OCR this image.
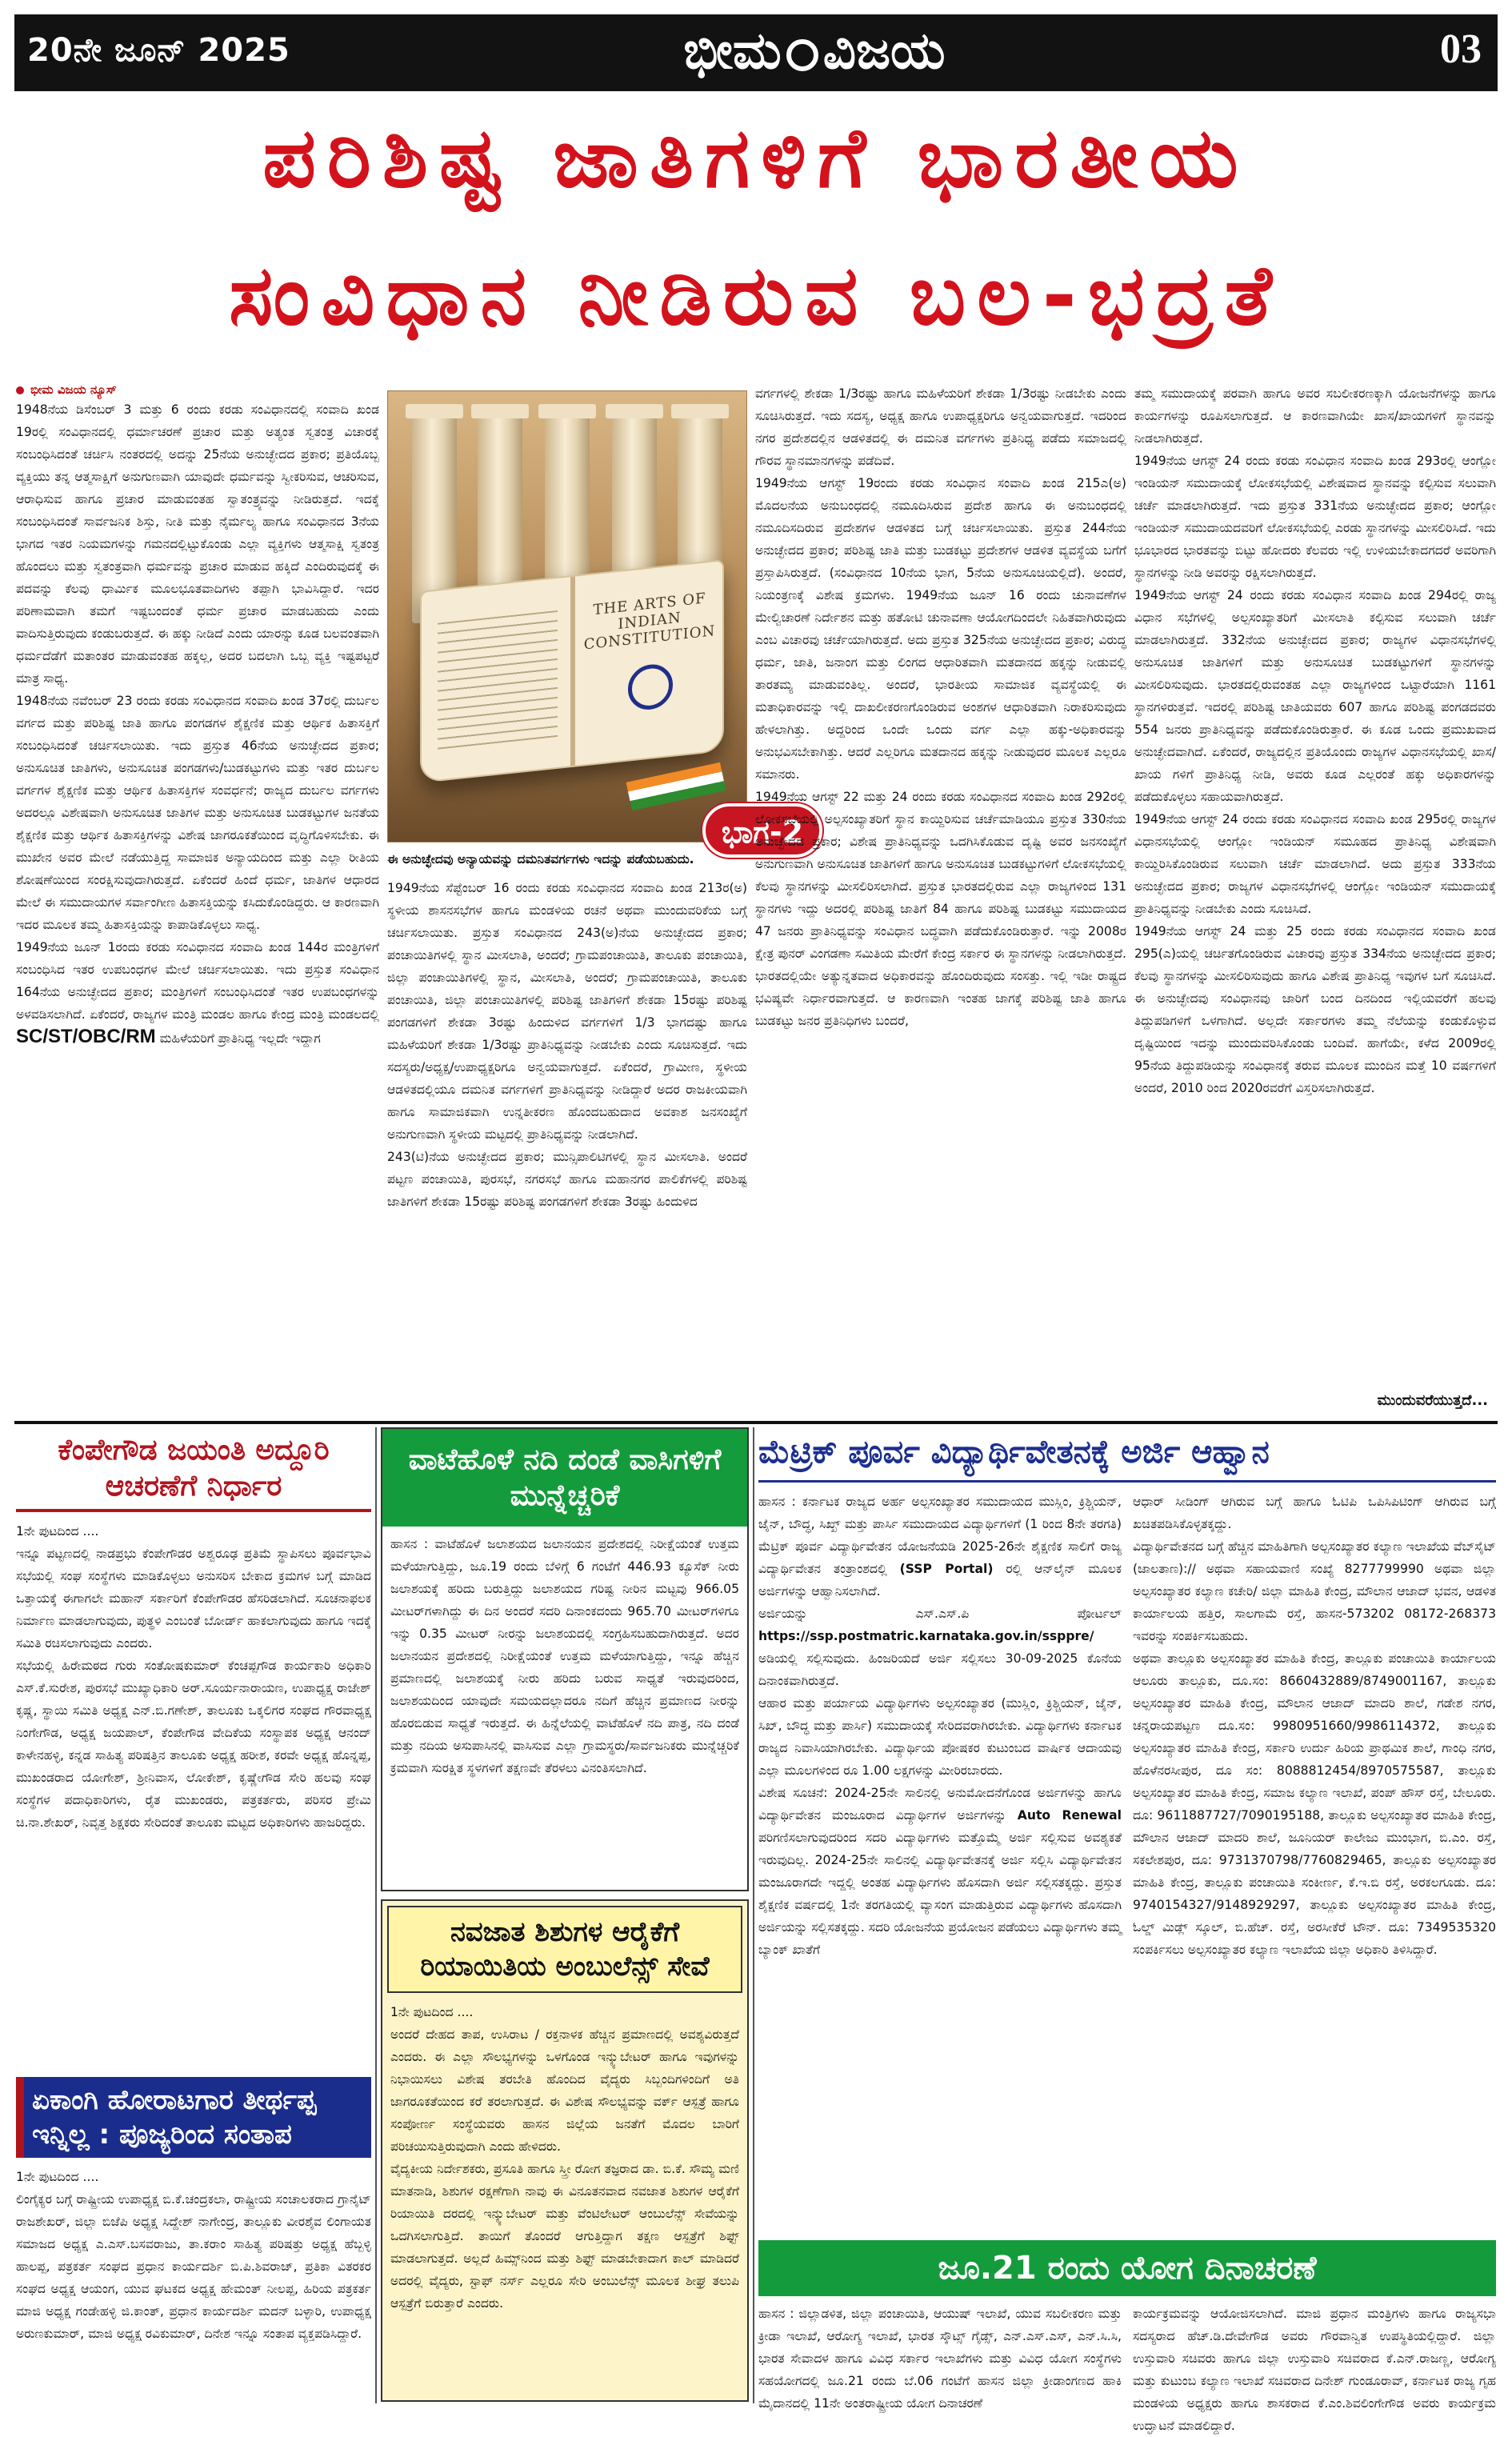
20ನೇ ಜೂನ್ 2025	ಭೀಮ ವಿಜಯ	03
ಪರಿಶಿಷ್ಟ ಜಾತಿಗಳಿಗೆ ಭಾರತೀಯ
ಸಂವಿಧಾನ ನೀಡಿರುವ ಬಲ-ಭದ್ರತೆ
ಭೀಮ ವಿಜಯ ನ್ಯೂಸ್
1948ನೆಯ ಡಿಸೆಂಬರ್ 3 ಮತ್ತು 6 ರಂದು ಕರಡು ಸಂವಿಧಾನದಲ್ಲಿ ಸಂವಾದಿ ಖಂಡ 19ರಲ್ಲಿ ಸಂವಿಧಾನದಲ್ಲಿ ಧರ್ಮಾಚರಣೆ ಪ್ರಚಾರ ಮತ್ತು ಅತ್ಯಂತ ಸ್ವತಂತ್ರ ವಿಚಾರಕ್ಕೆ ಸಂಬಂಧಿಸಿದಂತೆ ಚರ್ಚಿಸಿ ನಂತರದಲ್ಲಿ ಅದನ್ನು 25ನೆಯ ಅನುಚ್ಛೇದದ ಪ್ರಕಾರ; ಪ್ರತಿಯೊಬ್ಬ ವ್ಯಕ್ತಿಯು ತನ್ನ ಆತ್ಮಸಾಕ್ಷಿಗೆ ಅನುಗುಣವಾಗಿ ಯಾವುದೇ ಧರ್ಮವನ್ನು ಸ್ವೀಕರಿಸುವ, ಆಚರಿಸುವ, ಆರಾಧಿಸುವ ಹಾಗೂ ಪ್ರಚಾರ ಮಾಡುವಂತಹ ಸ್ವಾತಂತ್ರ್ಯವನ್ನು ನೀಡಿರುತ್ತದೆ. ಇದಕ್ಕೆ ಸಂಬಂಧಿಸಿದಂತೆ ಸಾರ್ವಜನಿಕ ಶಿಸ್ತು, ನೀತಿ ಮತ್ತು ನೈರ್ಮಲ್ಯ ಹಾಗೂ ಸಂವಿಧಾನದ 3ನೆಯ ಭಾಗದ ಇತರ ನಿಯಮಗಳನ್ನು ಗಮನದಲ್ಲಿಟ್ಟುಕೊಂಡು ಎಲ್ಲಾ ವ್ಯಕ್ತಿಗಳು ಆತ್ಮಸಾಕ್ಷಿ ಸ್ವತಂತ್ರ ಹೊಂದಲು ಮತ್ತು ಸ್ವತಂತ್ರವಾಗಿ ಧರ್ಮವನ್ನು ಪ್ರಚಾರ ಮಾಡುವ ಹಕ್ಕಿದೆ ಎಂದಿರುವುದಕ್ಕೆ ಈ ಪದವನ್ನು ಕೆಲವು ಧಾರ್ಮಿಕ ಮೂಲಭೂತವಾದಿಗಳು ತಪ್ಪಾಗಿ ಭಾವಿಸಿದ್ದಾರೆ. ಇದರ ಪರಿಣಾಮವಾಗಿ ತಮಗೆ ಇಷ್ಟಬಂದಂತೆ ಧರ್ಮ ಪ್ರಚಾರ ಮಾಡಬಹುದು ಎಂದು ವಾದಿಸುತ್ತಿರುವುದು ಕಂಡುಬರುತ್ತದೆ. ಈ ಹಕ್ಕು ನೀಡಿದೆ ಎಂದು ಯಾರನ್ನು ಕೂಡ ಬಲವಂತವಾಗಿ ಧರ್ಮದೆಡೆಗೆ ಮತಾಂತರ ಮಾಡುವಂತಹ ಹಕ್ಕಲ್ಲ, ಅದರ ಬದಲಾಗಿ ಒಬ್ಬ ವ್ಯಕ್ತಿ ಇಷ್ಟಪಟ್ಟರೆ ಮಾತ್ರ ಸಾಧ್ಯ.
1948ನೆಯ ನವೆಂಬರ್ 23 ರಂದು ಕರಡು ಸಂವಿಧಾನದ ಸಂವಾದಿ ಖಂಡ 37ರಲ್ಲಿ ದುರ್ಬಲ ವರ್ಗದ ಮತ್ತು ಪರಿಶಿಷ್ಟ ಜಾತಿ ಹಾಗೂ ಪಂಗಡಗಳ ಶೈಕ್ಷಣಿಕ ಮತ್ತು ಆರ್ಥಿಕ ಹಿತಾಸಕ್ತಿಗೆ ಸಂಬಂಧಿಸಿದಂತೆ ಚರ್ಚಿಸಲಾಯಿತು. ಇದು ಪ್ರಸ್ತುತ 46ನೆಯ ಅನುಚ್ಛೇದದ ಪ್ರಕಾರ; ಅನುಸೂಚಿತ ಜಾತಿಗಳು, ಅನುಸೂಚಿತ ಪಂಗಡಗಳು/ಬುಡಕಟ್ಟುಗಳು ಮತ್ತು ಇತರ ದುರ್ಬಲ ವರ್ಗಗಳ ಶೈಕ್ಷಣಿಕ ಮತ್ತು ಆರ್ಥಿಕ ಹಿತಾಸಕ್ತಿಗಳ ಸಂವರ್ಧನೆ; ರಾಜ್ಯದ ದುರ್ಬಲ ವರ್ಗಗಳು ಅದರಲ್ಲೂ ವಿಶೇಷವಾಗಿ ಅನುಸೂಚಿತ ಜಾತಿಗಳ ಮತ್ತು ಅನುಸೂಚಿತ ಬುಡಕಟ್ಟುಗಳ ಜನತೆಯ ಶೈಕ್ಷಣಿಕ ಮತ್ತು ಆರ್ಥಿಕ ಹಿತಾಸಕ್ತಿಗಳನ್ನು ವಿಶೇಷ ಜಾಗರೂಕತೆಯಿಂದ ವೃದ್ಧಿಗೊಳಿಸಬೇಕು. ಈ ಮುಖೇನ ಅವರ ಮೇಲೆ ನಡೆಯುತ್ತಿದ್ದ ಸಾಮಾಜಿಕ ಅನ್ಯಾಯದಿಂದ ಮತ್ತು ಎಲ್ಲಾ ರೀತಿಯ ಶೋಷಣೆಯಿಂದ ಸಂರಕ್ಷಿಸುವುದಾಗಿರುತ್ತದೆ. ಏಕೆಂದರೆ ಹಿಂದೆ ಧರ್ಮ, ಜಾತಿಗಳ ಆಧಾರದ ಮೇಲೆ ಈ ಸಮುದಾಯಗಳ ಸರ್ವಾಂಗೀಣ ಹಿತಾಸಕ್ತಿಯನ್ನು ಕಸಿದುಕೊಂಡಿದ್ದರು. ಆ ಕಾರಣವಾಗಿ ಇದರ ಮೂಲಕ ತಮ್ಮ ಹಿತಾಸಕ್ತಿಯನ್ನು ಕಾಪಾಡಿಕೊಳ್ಳಲು ಸಾಧ್ಯ.
1949ನೆಯ ಜೂನ್ 1ರಂದು ಕರಡು ಸಂವಿಧಾನದ ಸಂವಾದಿ ಖಂಡ 144ರ ಮಂತ್ರಿಗಳಿಗೆ ಸಂಬಂಧಿಸಿದ ಇತರ ಉಪಬಂಧಗಳ ಮೇಲೆ ಚರ್ಚಿಸಲಾಯಿತು. ಇದು ಪ್ರಸ್ತುತ ಸಂವಿಧಾನ 164ನೆಯ ಅನುಚ್ಛೇದದ ಪ್ರಕಾರ; ಮಂತ್ರಿಗಳಿಗೆ ಸಂಬಂಧಿಸಿದಂತೆ ಇತರ ಉಪಬಂಧಗಳನ್ನು ಅಳವಡಿಸಲಾಗಿದೆ. ಏಕೆಂದರೆ, ರಾಜ್ಯಗಳ ಮಂತ್ರಿ ಮಂಡಲ ಹಾಗೂ ಕೇಂದ್ರ ಮಂತ್ರಿ ಮಂಡಲದಲ್ಲಿ SC/ST/OBC/RM ಮಹಿಳೆಯರಿಗೆ ಪ್ರಾತಿನಿಧ್ಯ ಇಲ್ಲದೇ ಇದ್ದಾಗ
THE ARTS OF INDIAN CONSTITUTION
ಭಾಗ-2
ಈ ಅನುಚ್ಛೇದವು ಅನ್ಯಾಯವನ್ನು ದಮನಿತವರ್ಗಗಳು ಇದನ್ನು ಪಡೆಯಬಹುದು.
1949ನೆಯ ಸೆಪ್ಟೆಂಬರ್ 16 ರಂದು ಕರಡು ಸಂವಿಧಾನದ ಸಂವಾದಿ ಖಂಡ 213ರ(ಅ) ಸ್ಥಳೀಯ ಶಾಸನಸಭೆಗಳ ಹಾಗೂ ಮಂಡಳಿಯ ರಚನೆ ಅಥವಾ ಮುಂದುವರಿಕೆಯ ಬಗ್ಗೆ ಚರ್ಚಿಸಲಾಯಿತು. ಪ್ರಸ್ತುತ ಸಂವಿಧಾನದ 243(ಅ)ನೆಯ ಅನುಚ್ಛೇದದ ಪ್ರಕಾರ; ಪಂಚಾಯಿತಿಗಳಲ್ಲಿ ಸ್ಥಾನ ಮೀಸಲಾತಿ, ಅಂದರೆ; ಗ್ರಾಮಪಂಚಾಯಿತಿ, ತಾಲೂಕು ಪಂಚಾಯಿತಿ, ಜಿಲ್ಲಾ ಪಂಚಾಯಿತಿಗಳಲ್ಲಿ ಸ್ಥಾನ, ಮೀಸಲಾತಿ, ಅಂದರೆ; ಗ್ರಾಮಪಂಚಾಯಿತಿ, ತಾಲೂಕು ಪಂಚಾಯಿತಿ, ಜಿಲ್ಲಾ ಪಂಚಾಯಿತಿಗಳಲ್ಲಿ ಪರಿಶಿಷ್ಟ ಜಾತಿಗಳಿಗೆ ಶೇಕಡಾ 15ರಷ್ಟು ಪರಿಶಿಷ್ಟ ಪಂಗಡಗಳಿಗೆ ಶೇಕಡಾ 3ರಷ್ಟು ಹಿಂದುಳಿದ ವರ್ಗಗಳಿಗೆ 1/3 ಭಾಗದಷ್ಟು ಹಾಗೂ ಮಹಿಳೆಯರಿಗೆ ಶೇಕಡಾ 1/3ರಷ್ಟು ಪ್ರಾತಿನಿಧ್ಯವನ್ನು ನೀಡಬೇಕು ಎಂದು ಸೂಚಿಸುತ್ತದೆ. ಇದು ಸದಸ್ಯರು/ಅಧ್ಯಕ್ಷ/ಉಪಾಧ್ಯಕ್ಷರಿಗೂ ಅನ್ವಯವಾಗುತ್ತದೆ. ಏಕೆಂದರೆ, ಗ್ರಾಮೀಣ, ಸ್ಥಳೀಯ ಆಡಳಿತದಲ್ಲಿಯೂ ದಮನಿತ ವರ್ಗಗಳಿಗೆ ಪ್ರಾತಿನಿಧ್ಯವನ್ನು ನೀಡಿದ್ದಾರೆ ಅದರ ರಾಜಕೀಯವಾಗಿ ಹಾಗೂ ಸಾಮಾಜಿಕವಾಗಿ ಉನ್ನತೀಕರಣ ಹೊಂದಬಹುದಾದ ಅವಕಾಶ ಜನಸಂಖ್ಯೆಗೆ ಅನುಗುಣವಾಗಿ ಸ್ಥಳೀಯ ಮಟ್ಟದಲ್ಲಿ ಪ್ರಾತಿನಿಧ್ಯವನ್ನು ನೀಡಲಾಗಿದೆ.
243(ಟಿ)ನೆಯ ಅನುಚ್ಛೇದದ ಪ್ರಕಾರ; ಮುನ್ಸಿಪಾಲಿಟಿಗಳಲ್ಲಿ ಸ್ಥಾನ ಮೀಸಲಾತಿ. ಅಂದರೆ ಪಟ್ಟಣ ಪಂಚಾಯಿತಿ, ಪುರಸಭೆ, ನಗರಸಭೆ ಹಾಗೂ ಮಹಾನಗರ ಪಾಲಿಕೆಗಳಲ್ಲಿ ಪರಿಶಿಷ್ಟ ಜಾತಿಗಳಿಗೆ ಶೇಕಡಾ 15ರಷ್ಟು ಪರಿಶಿಷ್ಟ ಪಂಗಡಗಳಿಗೆ ಶೇಕಡಾ 3ರಷ್ಟು ಹಿಂದುಳಿದ
ವರ್ಗಗಳಲ್ಲಿ ಶೇಕಡಾ 1/3ರಷ್ಟು ಹಾಗೂ ಮಹಿಳೆಯರಿಗೆ ಶೇಕಡಾ 1/3ರಷ್ಟು ನೀಡಬೇಕು ಎಂದು ಸೂಚಿಸಿರುತ್ತದೆ. ಇದು ಸದಸ್ಯ, ಅಧ್ಯಕ್ಷ ಹಾಗೂ ಉಪಾಧ್ಯಕ್ಷರಿಗೂ ಅನ್ವಯವಾಗುತ್ತದೆ. ಇದರಿಂದ ನಗರ ಪ್ರದೇಶದಲ್ಲಿನ ಆಡಳಿತದಲ್ಲಿ ಈ ದಮನಿತ ವರ್ಗಗಳು ಪ್ರತಿನಿಧ್ಯ ಪಡೆದು ಸಮಾಜದಲ್ಲಿ ಗೌರವ ಸ್ಥಾನಮಾನಗಳನ್ನು ಪಡೆದಿವೆ.
1949ನೆಯ ಆಗಸ್ಟ್ 19ರಂದು ಕರಡು ಸಂವಿಧಾನ ಸಂವಾದಿ ಖಂಡ 215ಎ(ಅ) ಮೊದಲನೆಯ ಅನುಬಂಧದಲ್ಲಿ ನಮೂದಿಸಿರುವ ಪ್ರದೇಶ ಹಾಗೂ ಈ ಅನುಬಂಧದಲ್ಲಿ ನಮೂದಿಸದಿರುವ ಪ್ರದೇಶಗಳ ಆಡಳಿತದ ಬಗ್ಗೆ ಚರ್ಚಿಸಲಾಯಿತು. ಪ್ರಸ್ತುತ 244ನೆಯ ಅನುಚ್ಛೇದದ ಪ್ರಕಾರ; ಪರಿಶಿಷ್ಟ ಜಾತಿ ಮತ್ತು ಬುಡಕಟ್ಟು ಪ್ರದೇಶಗಳ ಆಡಳಿತ ವ್ಯವಸ್ಥೆಯ ಬಗೆಗೆ ಪ್ರಸ್ತಾಪಿಸಿರುತ್ತದೆ. (ಸಂವಿಧಾನದ 10ನೆಯ ಭಾಗ, 5ನೆಯ ಅನುಸೂಚಿಯಲ್ಲಿದೆ). ಅಂದರೆ, ನಿಯಂತ್ರಣಕ್ಕೆ ವಿಶೇಷ ಕ್ರಮಗಳು. 1949ನೆಯ ಜೂನ್ 16 ರಂದು ಚುನಾವಣೆಗಳ ಮೇಲ್ವಿಚಾರಣೆ ನಿರ್ದೇಶನ ಮತ್ತು ಹತೋಟಿ ಚುನಾವಣಾ ಆಯೋಗದಿಂದಲೇ ನಿಹಿತವಾಗಿರುವುದು ಎಂಬ ವಿಚಾರವು ಚರ್ಚೆಯಾಗಿರುತ್ತದೆ. ಅದು ಪ್ರಸ್ತುತ 325ನೆಯ ಅನುಚ್ಛೇದದ ಪ್ರಕಾರ; ವಿರುದ್ಧ ಧರ್ಮ, ಜಾತಿ, ಜನಾಂಗ ಮತ್ತು ಲಿಂಗದ ಆಧಾರಿತವಾಗಿ ಮತದಾನದ ಹಕ್ಕನ್ನು ನೀಡುವಲ್ಲಿ ತಾರತಮ್ಯ ಮಾಡುವಂತಿಲ್ಲ. ಅಂದರೆ, ಭಾರತೀಯ ಸಾಮಾಜಿಕ ವ್ಯವಸ್ಥೆಯಲ್ಲಿ ಈ ಮತಾಧಿಕಾರವನ್ನು ಇಲ್ಲಿ ದಾಖಲೀಕರಣಗೊಂಡಿರುವ ಅಂಶಗಳ ಆಧಾರಿತವಾಗಿ ನಿರಾಕರಿಸುವುದು ಹೇಳಲಾಗಿತ್ತು. ಅದ್ದರಿಂದ ಒಂದೇ ಒಂದು ವರ್ಗ ಎಲ್ಲಾ ಹಕ್ಕು-ಅಧಿಕಾರವನ್ನು ಅನುಭವಿಸಬೇಕಾಗಿತ್ತು. ಆದರೆ ಎಲ್ಲರಿಗೂ ಮತದಾನದ ಹಕ್ಕನ್ನು ನೀಡುವುದರ ಮೂಲಕ ಎಲ್ಲರೂ ಸಮಾನರು.
1949ನೆಯ ಆಗಸ್ಟ್ 22 ಮತ್ತು 24 ರಂದು ಕರಡು ಸಂವಿಧಾನದ ಸಂವಾದಿ ಖಂಡ 292ರಲ್ಲಿ ಲೋಕಸಭೆಯಲ್ಲಿ ಅಲ್ಪಸಂಖ್ಯಾತರಿಗೆ ಸ್ಥಾನ ಕಾಯ್ದಿರಿಸುವ ಚರ್ಚೆಮಾಡಿಯೂ ಪ್ರಸ್ತುತ 330ನೆಯ ಅನುಚ್ಛೇದದ ಪ್ರಕಾರ; ವಿಶೇಷ ಪ್ರಾತಿನಿಧ್ಯವನ್ನು ಒದಗಿಸಿಕೊಡುವ ದೃಷ್ಟಿ ಅವರ ಜನಸಂಖ್ಯೆಗೆ ಅನುಗುಣವಾಗಿ ಅನುಸೂಚಿತ ಜಾತಿಗಳಿಗೆ ಹಾಗೂ ಅನುಸೂಚಿತ ಬುಡಕಟ್ಟುಗಳಿಗೆ ಲೋಕಸಭೆಯಲ್ಲಿ ಕೆಲವು ಸ್ಥಾನಗಳನ್ನು ಮೀಸಲಿರಿಸಲಾಗಿದೆ. ಪ್ರಸ್ತುತ ಭಾರತದಲ್ಲಿರುವ ಎಲ್ಲಾ ರಾಜ್ಯಗಳಿಂದ 131 ಸ್ಥಾನಗಳು ಇದ್ದು ಅದರಲ್ಲಿ ಪರಿಶಿಷ್ಟ ಜಾತಿಗೆ 84 ಹಾಗೂ ಪರಿಶಿಷ್ಟ ಬುಡಕಟ್ಟು ಸಮುದಾಯದ 47 ಜನರು ಪ್ರಾತಿನಿಧ್ಯವನ್ನು ಸಂವಿಧಾನ ಬದ್ಧವಾಗಿ ಪಡೆದುಕೊಂಡಿರುತ್ತಾರೆ. ಇನ್ನು 2008ರ ಕ್ಷೇತ್ರ ಪುನರ್ ವಿಂಗಡಣಾ ಸಮಿತಿಯ ಮೇರೆಗೆ ಕೇಂದ್ರ ಸರ್ಕಾರ ಈ ಸ್ಥಾನಗಳನ್ನು ನೀಡಲಾಗಿರುತ್ತದೆ. ಭಾರತದಲ್ಲಿಯೇ ಅತ್ಯುನ್ನತವಾದ ಅಧಿಕಾರವನ್ನು ಹೊಂದಿರುವುದು ಸಂಸತ್ತು. ಇಲ್ಲಿ ಇಡೀ ರಾಷ್ಟ್ರದ ಭವಿಷ್ಯವೇ ನಿರ್ಧಾರವಾಗುತ್ತದೆ. ಆ ಕಾರಣವಾಗಿ ಇಂತಹ ಜಾಗಕ್ಕೆ ಪರಿಶಿಷ್ಟ ಜಾತಿ ಹಾಗೂ ಬುಡಕಟ್ಟು ಜನರ ಪ್ರತಿನಿಧಿಗಳು ಬಂದರೆ,
ತಮ್ಮ ಸಮುದಾಯಕ್ಕೆ ಪರವಾಗಿ ಹಾಗೂ ಅವರ ಸಬಲೀಕರಣಕ್ಕಾಗಿ ಯೋಜನೆಗಳನ್ನು ಹಾಗೂ ಕಾರ್ಯಗಳನ್ನು ರೂಪಿಸಲಾಗುತ್ತದೆ. ಆ ಕಾರಣವಾಗಿಯೇ ಖಾಸ/ಖಾಯಗಳಿಗೆ ಸ್ಥಾನವನ್ನು ನೀಡಲಾಗಿರುತ್ತದೆ.
1949ನೆಯ ಆಗಸ್ಟ್ 24 ರಂದು ಕರಡು ಸಂವಿಧಾನ ಸಂವಾದಿ ಖಂಡ 293ರಲ್ಲಿ ಆಂಗ್ಲೋ ಇಂಡಿಯನ್ ಸಮುದಾಯಕ್ಕೆ ಲೋಕಸಭೆಯಲ್ಲಿ ವಿಶೇಷವಾದ ಸ್ಥಾನವನ್ನು ಕಲ್ಪಿಸುವ ಸಲುವಾಗಿ ಚರ್ಚೆ ಮಾಡಲಾಗಿರುತ್ತದೆ. ಇದು ಪ್ರಸ್ತುತ 331ನೆಯ ಅನುಚ್ಛೇದದ ಪ್ರಕಾರ; ಆಂಗ್ಲೋ ಇಂಡಿಯನ್ ಸಮುದಾಯದವರಿಗೆ ಲೋಕಸಭೆಯಲ್ಲಿ ಎರಡು ಸ್ಥಾನಗಳನ್ನು ಮೀಸಲಿರಿಸಿದೆ. ಇದು ಭೂಭಾರದ ಭಾರತವನ್ನು ಬಿಟ್ಟು ಹೋದರು ಕೆಲವರು ಇಲ್ಲಿ ಉಳಿಯಬೇಕಾದಗದರೆ ಅವರಿಗಾಗಿ ಸ್ಥಾನಗಳನ್ನು ನೀಡಿ ಅವರನ್ನು ರಕ್ಷಿಸಲಾಗಿರುತ್ತದೆ.
1949ನೆಯ ಆಗಸ್ಟ್ 24 ರಂದು ಕರಡು ಸಂವಿಧಾನ ಸಂವಾದಿ ಖಂಡ 294ರಲ್ಲಿ ರಾಜ್ಯ ವಿಧಾನ ಸಭೆಗಳಲ್ಲಿ ಅಲ್ಪಸಂಖ್ಯಾತರಿಗೆ ಮೀಸಲಾತಿ ಕಲ್ಪಿಸುವ ಸಲುವಾಗಿ ಚರ್ಚೆ ಮಾಡಲಾಗಿರುತ್ತದೆ. 332ನೆಯ ಅನುಚ್ಛೇದದ ಪ್ರಕಾರ; ರಾಜ್ಯಗಳ ವಿಧಾನಸಭೆಗಳಲ್ಲಿ ಅನುಸೂಚಿತ ಜಾತಿಗಳಿಗೆ ಮತ್ತು ಅನುಸೂಚಿತ ಬುಡಕಟ್ಟುಗಳಿಗೆ ಸ್ಥಾನಗಳನ್ನು ಮೀಸಲಿರಿಸುವುದು. ಭಾರತದಲ್ಲಿರುವಂತಹ ಎಲ್ಲಾ ರಾಜ್ಯಗಳಿಂದ ಒಟ್ಟಾರೆಯಾಗಿ 1161 ಸ್ಥಾನಗಳಿರುತ್ತವೆ. ಇದರಲ್ಲಿ ಪರಿಶಿಷ್ಟ ಜಾತಿಯವರು 607 ಹಾಗೂ ಪರಿಶಿಷ್ಟ ಪಂಗಡದವರು 554 ಜನರು ಪ್ರಾತಿನಿಧ್ಯವನ್ನು ಪಡೆದುಕೊಂಡಿರುತ್ತಾರೆ. ಈ ಕೂಡ ಒಂದು ಪ್ರಮುಖವಾದ ಅನುಚ್ಛೇದವಾಗಿದೆ. ಏಕೆಂದರೆ, ರಾಜ್ಯದಲ್ಲಿನ ಪ್ರತಿಯೊಂದು ರಾಜ್ಯಗಳ ವಿಧಾನಸಭೆಯಲ್ಲಿ ಖಾಸ/ಖಾಯ ಗಳಿಗೆ ಪ್ರಾತಿನಿಧ್ಯ ನೀಡಿ, ಅವರು ಕೂಡ ಎಲ್ಲರಂತೆ ಹಕ್ಕು ಅಧಿಕಾರಗಳನ್ನು ಪಡೆದುಕೊಳ್ಳಲು ಸಹಾಯವಾಗಿರುತ್ತದೆ.
1949ನೆಯ ಆಗಸ್ಟ್ 24 ರಂದು ಕರಡು ಸಂವಿಧಾನದ ಸಂವಾದಿ ಖಂಡ 295ರಲ್ಲಿ ರಾಜ್ಯಗಳ ವಿಧಾನಸಭೆಯಲ್ಲಿ ಆಂಗ್ಲೋ ಇಂಡಿಯನ್ ಸಮೂಹದ ಪ್ರಾತಿನಿಧ್ಯ ವಿಶೇಷವಾಗಿ ಕಾಯ್ದಿರಿಸಿಕೊಂಡಿರುವ ಸಲುವಾಗಿ ಚರ್ಚೆ ಮಾಡಲಾಗಿದೆ. ಅದು ಪ್ರಸ್ತುತ 333ನೆಯ ಅನುಚ್ಛೇದದ ಪ್ರಕಾರ; ರಾಜ್ಯಗಳ ವಿಧಾನಸಭೆಗಳಲ್ಲಿ ಆಂಗ್ಲೋ ಇಂಡಿಯನ್ ಸಮುದಾಯಕ್ಕೆ ಪ್ರಾತಿನಿಧ್ಯವನ್ನು ನೀಡಬೇಕು ಎಂದು ಸೂಚಿಸಿದೆ.
1949ನೆಯ ಆಗಸ್ಟ್ 24 ಮತ್ತು 25 ರಂದು ಕರಡು ಸಂವಿಧಾನದ ಸಂವಾದಿ ಖಂಡ 295(ಎ)ಯಲ್ಲಿ ಚರ್ಚಿತಗೊಂಡಿರುವ ವಿಚಾರವು ಪ್ರಸ್ತುತ 334ನೆಯ ಅನುಚ್ಛೇದದ ಪ್ರಕಾರ; ಕೆಲವು ಸ್ಥಾನಗಳನ್ನು ಮೀಸಲಿರಿಸುವುದು ಹಾಗೂ ವಿಶೇಷ ಪ್ರಾತಿನಿಧ್ಯ ಇವುಗಳ ಬಗೆ ಸೂಚಿಸಿದೆ. ಈ ಅನುಚ್ಛೇದವು ಸಂವಿಧಾನವು ಜಾರಿಗೆ ಬಂದ ದಿನದಿಂದ ಇಲ್ಲಿಯವರೆಗೆ ಹಲವು ತಿದ್ದುಪಡಿಗಳಿಗೆ ಒಳಗಾಗಿದೆ. ಅಲ್ಲದೇ ಸರ್ಕಾರಗಳು ತಮ್ಮ ನೆಲೆಯನ್ನು ಕಂಡುಕೊಳ್ಳುವ ದೃಷ್ಟಿಯಿಂದ ಇದನ್ನು ಮುಂದುವರಿಸಿಕೊಂಡು ಬಂದಿವೆ. ಹಾಗೆಯೇ, ಕಳೆದ 2009ರಲ್ಲಿ 95ನೆಯ ತಿದ್ದುಪಡಿಯನ್ನು ಸಂವಿಧಾನಕ್ಕೆ ತರುವ ಮೂಲಕ ಮುಂದಿನ ಮತ್ತೆ 10 ವರ್ಷಗಳಿಗೆ ಅಂದರೆ, 2010 ರಿಂದ 2020ರವರೆಗೆ ವಿಸ್ತರಿಸಲಾಗಿರುತ್ತದೆ.
ಮುಂದುವರೆಯುತ್ತದೆ...
ಕೆಂಪೇಗೌಡ ಜಯಂತಿ ಅದ್ದೂರಿ ಆಚರಣೆಗೆ ನಿರ್ಧಾರ
1ನೇ ಪುಟದಿಂದ ....
ಇನ್ನೂ ಪಟ್ಟಣದಲ್ಲಿ ನಾಡಪ್ರಭು ಕೆಂಪೇಗೌಡರ ಅಶ್ವರೂಢ ಪ್ರತಿಮೆ ಸ್ಥಾಪಿಸಲು ಪೂರ್ವಭಾವಿ ಸಭೆಯಲ್ಲಿ ಸಂಘ ಸಂಸ್ಥೆಗಳು ಮಾಡಿಕೊಳ್ಳಲು ಅನುಸರಿಸ ಬೇಕಾದ ಕ್ರಮಗಳ ಬಗ್ಗೆ ಮಾಡಿದ ಒತ್ತಾಯಕ್ಕೆ ಈಗಾಗಲೇ ಮಹಾನ್ ಸರ್ಕಾರಿಗೆ ಕೆಂಪೇಗೌಡರ ಹೆಸರಿಡಲಾಗಿದೆ. ಸೂಚನಾಫಲಕ ನಿರ್ಮಾಣ ಮಾಡಲಾಗುವುದು, ಪುತ್ಥಳಿ ಎಂಬಂತೆ ಬೋರ್ಡ್ ಹಾಕಲಾಗುವುದು ಹಾಗೂ ಇದಕ್ಕೆ ಸಮಿತಿ ರಚಿಸಲಾಗುವುದು ಎಂದರು.
ಸಭೆಯಲ್ಲಿ ಹಿರೇಮಠದ ಗುರು ಸಂತೋಷಕುಮಾರ್ ಕೆಂಚಪ್ಪಗೌಡ ಕಾರ್ಯಕಾರಿ ಅಧಿಕಾರಿ ಎಸ್.ಕೆ.ಸುರೇಶ, ಪುರಸಭೆ ಮುಖ್ಯಾಧಿಕಾರಿ ಅರ್.ಸೂರ್ಯನಾರಾಯಣ, ಉಪಾಧ್ಯಕ್ಷ ರಾಜೇಶ್ ಕೃಷ್ಣ, ಸ್ಥಾಯಿ ಸಮಿತಿ ಅಧ್ಯಕ್ಷ ಎನ್.ಬಿ.ಗಣೇಶ್, ತಾಲೂಕು ಒಕ್ಕಲಿಗರ ಸಂಘದ ಗೌರವಾಧ್ಯಕ್ಷ ನಿಂಗೇಗೌಡ, ಅಧ್ಯಕ್ಷ ಜಯಪಾಲ್, ಕೆಂಪೇಗೌಡ ವೇದಿಕೆಯ ಸಂಸ್ಥಾಪಕ ಅಧ್ಯಕ್ಷ ಆನಂದ್ ಕಾಳೇನಹಳ್ಳಿ, ಕನ್ನಡ ಸಾಹಿತ್ಯ ಪರಿಷತ್ತಿನ ತಾಲೂಕು ಅಧ್ಯಕ್ಷ ಹರೀಶ, ಕರವೇ ಅಧ್ಯಕ್ಷ ಹೊನ್ನಪ್ಪ, ಮುಖಂಡರಾದ ಯೋಗೇಶ್, ಶ್ರೀನಿವಾಸ, ಲೋಕೇಶ್, ಕೃಷ್ಣೇಗೌಡ ಸೇರಿ ಹಲವು ಸಂಘ ಸಂಸ್ಥೆಗಳ ಪದಾಧಿಕಾರಿಗಳು, ರೈತ ಮುಖಂಡರು, ಪತ್ರಕರ್ತರು, ಪರಿಸರ ಪ್ರೇಮಿ ಚಿ.ನಾ.ಶೇಖರ್, ನಿವೃತ್ತ ಶಿಕ್ಷಕರು ಸೇರಿದಂತೆ ತಾಲೂಕು ಮಟ್ಟದ ಅಧಿಕಾರಿಗಳು ಹಾಜರಿದ್ದರು.
ವಾಟೆಹೊಳೆ ನದಿ ದಂಡೆ ವಾಸಿಗಳಿಗೆ ಮುನ್ನೆಚ್ಚರಿಕೆ
ಹಾಸನ : ವಾಟೆಹೊಳೆ ಜಲಾಶಯದ ಜಲಾನಯನ ಪ್ರದೇಶದಲ್ಲಿ ನಿರೀಕ್ಷೆಯಂತೆ ಉತ್ತಮ ಮಳೆಯಾಗುತ್ತಿದ್ದು, ಜೂ.19 ರಂದು ಬೆಳಿಗ್ಗೆ 6 ಗಂಟೆಗೆ 446.93 ಕ್ಯೂಸೆಕ್ ನೀರು ಜಲಾಶಯಕ್ಕೆ ಹರಿದು ಬರುತ್ತಿದ್ದು ಜಲಾಶಯದ ಗರಿಷ್ಟ ನೀರಿನ ಮಟ್ಟವು 966.05 ಮೀಟರ್‌ಗಳಾಗಿದ್ದು ಈ ದಿನ ಅಂದರೆ ಸದರಿ ದಿನಾಂಕದಂದು 965.70 ಮೀಟರ್‌ಗಳಿಗೂ ಇನ್ನು 0.35 ಮೀಟರ್ ನೀರನ್ನು ಜಲಾಶಯದಲ್ಲಿ ಸಂಗ್ರಹಿಸಬಹುದಾಗಿರುತ್ತದೆ. ಅದರ ಜಲಾನಯನ ಪ್ರದೇಶದಲ್ಲಿ ನಿರೀಕ್ಷೆಯಂತೆ ಉತ್ತಮ ಮಳೆಯಾಗುತ್ತಿದ್ದು, ಇನ್ನೂ ಹೆಚ್ಚಿನ ಪ್ರಮಾಣದಲ್ಲಿ ಜಲಾಶಯಕ್ಕೆ ನೀರು ಹರಿದು ಬರುವ ಸಾಧ್ಯತೆ ಇರುವುದರಿಂದ, ಜಲಾಶಯದಿಂದ ಯಾವುದೇ ಸಮಯದಲ್ಲಾದರೂ ನದಿಗೆ ಹೆಚ್ಚಿನ ಪ್ರಮಾಣದ ನೀರನ್ನು ಹೊರಬಿಡುವ ಸಾಧ್ಯತೆ ಇರುತ್ತದೆ. ಈ ಹಿನ್ನೆಲೆಯಲ್ಲಿ ವಾಟೆಹೊಳೆ ನದಿ ಪಾತ್ರ, ನದಿ ದಂಡೆ ಮತ್ತು ನದಿಯ ಅಸುಪಾಸಿನಲ್ಲಿ ವಾಸಿಸುವ ಎಲ್ಲಾ ಗ್ರಾಮಸ್ಥರು/ಸಾರ್ವಜನಿಕರು ಮುನ್ನೆಚ್ಚರಿಕೆ ಕ್ರಮವಾಗಿ ಸುರಕ್ಷಿತ ಸ್ಥಳಗಳಿಗೆ ತಕ್ಷಣವೇ ತೆರಳಲು ವಿನಂತಿಸಲಾಗಿದೆ.
ನವಜಾತ ಶಿಶುಗಳ ಆರೈಕೆಗೆ ರಿಯಾಯಿತಿಯ ಅಂಬುಲೆನ್ಸ್ ಸೇವೆ
1ನೇ ಪುಟದಿಂದ ....
ಅಂದರೆ ದೇಹದ ತಾಪ, ಉಸಿರಾಟ / ರಕ್ತನಾಳಕ ಹೆಚ್ಚಿನ ಪ್ರಮಾಣದಲ್ಲಿ ಅವಶ್ಯವಿರುತ್ತದೆ ಎಂದರು. ಈ ಎಲ್ಲಾ ಸೌಲಭ್ಯಗಳನ್ನು ಒಳಗೊಂಡ ಇನ್ಕ್ಯುಬೇಟರ್ ಹಾಗೂ ಇವುಗಳನ್ನು ನಿಭಾಯಿಸಲು ವಿಶೇಷ ತರಬೇತಿ ಹೊಂದಿದ ವೈದ್ಯರು ಸಿಬ್ಬಂದಿಗಳಿಂದಿಗೆ ಅತಿ ಜಾಗರೂಕತೆಯಿಂದ ಕರೆ ತರಲಾಗುತ್ತದೆ. ಈ ವಿಶೇಷ ಸೌಲಭ್ಯವನ್ನು ವರ್ಕ್ ಆಸ್ಪತ್ರೆ ಹಾಗೂ ಸಂಪೋರ್ಣ ಸಂಸ್ಥೆಯವರು ಹಾಸನ ಜಿಲ್ಲೆಯ ಜನತೆಗೆ ಮೊದಲ ಬಾರಿಗೆ ಪರಿಚಯಿಸುತ್ತಿರುವುದಾಗಿ ಎಂದು ಹೇಳಿದರು.
ವೈದ್ಯಕೀಯ ನಿರ್ದೇಶಕರು, ಪ್ರಸೂತಿ ಹಾಗೂ ಸ್ತ್ರೀ ರೋಗ ತಜ್ಞರಾದ ಡಾ. ಬಿ.ಕೆ. ಸೌಮ್ಯ ಮಣಿ ಮಾತನಾಡಿ, ಶಿಶುಗಳ ರಕ್ಷಣೆಗಾಗಿ ನಾವು ಈ ವಿನೂತನವಾದ ನವಜಾತ ಶಿಶುಗಳ ಆರೈಕೆಗೆ ರಿಯಾಯಿತಿ ದರದಲ್ಲಿ ಇನ್ಕ್ಯುಬೇಟರ್ ಮತ್ತು ವೆಂಟಿಲೇಟರ್ ಆಂಬುಲೆನ್ಸ್ ಸೇವೆಯನ್ನು ಒದಗಿಸಲಾಗುತ್ತಿದೆ. ತಾಯಿಗೆ ತೊಂದರೆ ಆಗುತ್ತಿದ್ದಾಗ ತಕ್ಷಣ ಆಸ್ಪತ್ರೆಗೆ ಶಿಫ್ಟ್ ಮಾಡಲಾಗುತ್ತದೆ. ಅಲ್ಲದೆ ಹಿಮ್ಸ್‌ನಿಂದ ಮತ್ತು ಶಿಫ್ಟ್ ಮಾಡಬೇಕಾದಾಗ ಕಾಲ್ ಮಾಡಿದರೆ ಅದರಲ್ಲಿ ವೈದ್ಯರು, ಸ್ಟಾಫ್ ನರ್ಸ್ ಎಲ್ಲರೂ ಸೇರಿ ಅಂಬುಲೆನ್ಸ್ ಮೂಲಕ ಶೀಘ್ರ ತಲುಪಿ ಆಸ್ಪತ್ರೆಗೆ ಬಿರುತ್ತಾರೆ ಎಂದರು.
ಏಕಾಂಗಿ ಹೋರಾಟಗಾರ ತೀರ್ಥಪ್ಪ ಇನ್ನಿಲ್ಲ : ಪೂಜ್ಯರಿಂದ ಸಂತಾಪ
1ನೇ ಪುಟದಿಂದ ....
ಲಿಂಗೈಕ್ಯರ ಬಗ್ಗೆ ರಾಷ್ಟ್ರೀಯ ಉಪಾಧ್ಯಕ್ಷ ಬಿ.ಕೆ.ಚಂದ್ರಕಲಾ, ರಾಷ್ಟ್ರೀಯ ಸಂಚಾಲಕರಾದ ಗ್ರಾನೈಟ್ ರಾಜಶೇಖರ್, ಜಿಲ್ಲಾ ಬಿಜೆಪಿ ಅಧ್ಯಕ್ಷ ಸಿದ್ದೇಶ್ ನಾಗೇಂದ್ರ, ತಾಲ್ಲೂಕು ವೀರಶೈವ ಲಿಂಗಾಯತ ಸಮಾಜದ ಅಧ್ಯಕ್ಷ ಎ.ಎಸ್.ಬಸವರಾಜು, ತಾ.ಕರಾಂ ಸಾಹಿತ್ಯ ಪರಿಷತ್ತು ಅಧ್ಯಕ್ಷ ಹೆಬ್ಬಳ್ಳಿ ಹಾಲಪ್ಪ, ಪತ್ರಕರ್ತ ಸಂಘದ ಪ್ರಧಾನ ಕಾರ್ಯದರ್ಶಿ ಬಿ.ಪಿ.ಶಿವರಾಜ್, ಪ್ರತಿಕಾ ವಿತರಕರ ಸಂಘದ ಅಧ್ಯಕ್ಷ ಆಯಂಗ, ಯುವ ಘಟಕದ ಅಧ್ಯಕ್ಷ ಹೇಮಂತ್ ನೀಲಪ್ಪ, ಹಿರಿಯ ಪತ್ರಕರ್ತ ಮಾಜಿ ಅಧ್ಯಕ್ಷ ಗಂಡೇಹಳ್ಳಿ ಜಿ.ಕಾಂತ್, ಪ್ರಧಾನ ಕಾರ್ಯದರ್ಶಿ ಮದನ್ ಬಳ್ಳಾರಿ, ಉಪಾಧ್ಯಕ್ಷ ಅರುಣಕುಮಾರ್, ಮಾಜಿ ಅಧ್ಯಕ್ಷ ರವಿಕುಮಾರ್, ದಿನೇಶ ಇನ್ನೂ ಸಂತಾಪ ವ್ಯಕ್ತಪಡಿಸಿದ್ದಾರೆ.
ಮೆಟ್ರಿಕ್ ಪೂರ್ವ ವಿದ್ಯಾರ್ಥಿವೇತನಕ್ಕೆ ಅರ್ಜಿ ಆಹ್ವಾನ
ಹಾಸನ : ಕರ್ನಾಟಕ ರಾಜ್ಯದ ಅರ್ಹ ಅಲ್ಪಸಂಖ್ಯಾತರ ಸಮುದಾಯದ ಮುಸ್ಲಿಂ, ಕ್ರಿಶ್ಚಿಯನ್, ಜೈನ್, ಬೌದ್ಧ, ಸಿಖ್ಖ್ ಮತ್ತು ಪಾರ್ಸಿ ಸಮುದಾಯದ ವಿದ್ಯಾರ್ಥಿಗಳಿಗೆ (1 ರಿಂದ 8ನೇ ತರಗತಿ) ಮೆಟ್ರಿಕ್ ಪೂರ್ವ ವಿದ್ಯಾರ್ಥಿವೇತನ ಯೋಜನೆಯಡಿ 2025-26ನೇ ಶೈಕ್ಷಣಿಕ ಸಾಲಿಗೆ ರಾಜ್ಯ ವಿದ್ಯಾರ್ಥಿವೇತನ ತಂತ್ರಾಂಶದಲ್ಲಿ (SSP Portal) ರಲ್ಲಿ ಆನ್‌ಲೈನ್ ಮೂಲಕ ಅರ್ಜಿಗಳನ್ನು ಆಹ್ವಾನಿಸಲಾಗಿದೆ.
ಅರ್ಜಿಯನ್ನು ಎಸ್.ಎಸ್.ಪಿ ಪೋರ್ಟಲ್ https://ssp.postmatric.karnataka.gov.in/ssppre/ ಅಡಿಯಲ್ಲಿ ಸಲ್ಲಿಸುವುದು. ಹಿಂಜರಿಯದೆ ಅರ್ಜಿ ಸಲ್ಲಿಸಲು 30-09-2025 ಕೊನೆಯ ದಿನಾಂಕವಾಗಿರುತ್ತದೆ.
ಆಹಾರ ಮತ್ತು ಪರ್ಯಾಯ ವಿದ್ಯಾರ್ಥಿಗಳು ಅಲ್ಪಸಂಖ್ಯಾತರ (ಮುಸ್ಲಿಂ, ಕ್ರಿಶ್ಚಿಯನ್, ಜೈನ್, ಸಿಖ್, ಬೌದ್ಧ ಮತ್ತು ಪಾರ್ಸಿ) ಸಮುದಾಯಕ್ಕೆ ಸೇರಿದವರಾಗಿರಬೇಕು. ವಿದ್ಯಾರ್ಥಿಗಳು ಕರ್ನಾಟಕ ರಾಜ್ಯದ ನಿವಾಸಿಯಾಗಿರಬೇಕು. ವಿದ್ಯಾರ್ಥಿಯ ಪೋಷಕರ ಕುಟುಂಬದ ವಾರ್ಷಿಕ ಆದಾಯವು ಎಲ್ಲಾ ಮೂಲಗಳಿಂದ ರೂ 1.00 ಲಕ್ಷಗಳನ್ನು ಮೀರಿರಬಾರದು.
ವಿಶೇಷ ಸೂಚನೆ: 2024-25ನೇ ಸಾಲಿನಲ್ಲಿ ಅನುಮೋದನೆಗೊಂಡ ಅರ್ಜಿಗಳನ್ನು ಹಾಗೂ ವಿದ್ಯಾರ್ಥಿವೇತನ ಮಂಜೂರಾದ ವಿದ್ಯಾರ್ಥಿಗಳ ಅರ್ಜಿಗಳನ್ನು Auto Renewal ಪರಿಗಣಿಸಲಾಗುವುದರಿಂದ ಸದರಿ ವಿದ್ಯಾರ್ಥಿಗಳು ಮತ್ತೊಮ್ಮೆ ಅರ್ಜಿ ಸಲ್ಲಿಸುವ ಅವಶ್ಯಕತೆ ಇರುವುದಿಲ್ಲ. 2024-25ನೇ ಸಾಲಿನಲ್ಲಿ ವಿದ್ಯಾರ್ಥಿವೇತನಕ್ಕೆ ಅರ್ಜಿ ಸಲ್ಲಿಸಿ ವಿದ್ಯಾರ್ಥಿವೇತನ ಮಂಜೂರಾಗದೇ ಇದ್ದಲ್ಲಿ ಅಂತಹ ವಿದ್ಯಾರ್ಥಿಗಳು ಹೊಸದಾಗಿ ಅರ್ಜಿ ಸಲ್ಲಿಸತಕ್ಕದ್ದು. ಪ್ರಸ್ತುತ ಶೈಕ್ಷಣಿಕ ವರ್ಷದಲ್ಲಿ 1ನೇ ತರಗತಿಯಲ್ಲಿ ವ್ಯಾಸಂಗ ಮಾಡುತ್ತಿರುವ ವಿದ್ಯಾರ್ಥಿಗಳು ಹೊಸದಾಗಿ ಅರ್ಜಿಯನ್ನು ಸಲ್ಲಿಸತಕ್ಕದ್ದು. ಸದರಿ ಯೋಜನೆಯ ಪ್ರಯೋಜನ ಪಡೆಯಲು ವಿದ್ಯಾರ್ಥಿಗಳು ತಮ್ಮ ಬ್ಯಾಂಕ್ ಖಾತೆಗೆ
ಆಧಾರ್ ಸೀಡಿಂಗ್ ಆಗಿರುವ ಬಗ್ಗೆ ಹಾಗೂ ಓಟಿಪಿ ಒಪಿಸಿಪಿಟಿಂಗ್ ಆಗಿರುವ ಬಗ್ಗೆ ಖಚಿತಪಡಿಸಿಕೊಳ್ಳತಕ್ಕದ್ದು.
ವಿದ್ಯಾರ್ಥಿವೇತನದ ಬಗ್ಗೆ ಹೆಚ್ಚಿನ ಮಾಹಿತಿಗಾಗಿ ಅಲ್ಪಸಂಖ್ಯಾತರ ಕಲ್ಯಾಣ ಇಲಾಖೆಯ ವೆಬ್‌ಸೈಟ್ (ಜಾಲತಾಣ):// ಅಥವಾ ಸಹಾಯವಾಣಿ ಸಂಖ್ಯೆ 8277799990 ಅಥವಾ ಜಿಲ್ಲಾ ಅಲ್ಪಸಂಖ್ಯಾತರ ಕಲ್ಯಾಣ ಕಚೇರಿ/ ಜಿಲ್ಲಾ ಮಾಹಿತಿ ಕೇಂದ್ರ, ಮೌಲಾನ ಆಜಾದ್ ಭವನ, ಆಡಳಿತ ಕಾರ್ಯಾಲಯ ಹತ್ತಿರ, ಸಾಲಗಾಮೆ ರಸ್ತೆ, ಹಾಸನ-573202 08172-268373 ಇವರನ್ನು ಸಂಪರ್ಕಿಸಬಹುದು.
ಅಥವಾ ತಾಲ್ಲೂಕು ಅಲ್ಪಸಂಖ್ಯಾತರ ಮಾಹಿತಿ ಕೇಂದ್ರ, ತಾಲ್ಲೂಕು ಪಂಚಾಯಿತಿ ಕಾರ್ಯಾಲಯ ಆಲೂರು ತಾಲ್ಲೂಕು, ದೂ.ಸಂ: 8660432889/8749001167, ತಾಲ್ಲೂಕು ಅಲ್ಪಸಂಖ್ಯಾತರ ಮಾಹಿತಿ ಕೇಂದ್ರ, ಮೌಲಾನ ಆಜಾದ್ ಮಾದರಿ ಶಾಲೆ, ಗಡೇಶ ನಗರ, ಚನ್ನರಾಯಪಟ್ಟಣ ದೂ.ಸಂ: 9980951660/9986114372, ತಾಲ್ಲೂಕು ಅಲ್ಪಸಂಖ್ಯಾತರ ಮಾಹಿತಿ ಕೇಂದ್ರ, ಸರ್ಕಾರಿ ಉರ್ದು ಹಿರಿಯ ಪ್ರಾಥಮಿಕ ಶಾಲೆ, ಗಾಂಧಿ ನಗರ, ಹೊಳೆನರಸೀಪುರ, ದೂ ಸಂ: 8088812454/8970575587, ತಾಲ್ಲೂಕು ಅಲ್ಪಸಂಖ್ಯಾತರ ಮಾಹಿತಿ ಕೇಂದ್ರ, ಸಮಾಜ ಕಲ್ಯಾಣ ಇಲಾಖೆ, ಪಂಪ್ ಹೌಸ್ ರಸ್ತೆ, ಬೇಲೂರು. ದೂ: 9611887727/7090195188, ತಾಲ್ಲೂಕು ಅಲ್ಪಸಂಖ್ಯಾತರ ಮಾಹಿತಿ ಕೇಂದ್ರ, ಮೌಲಾನ ಆಜಾದ್ ಮಾದರಿ ಶಾಲೆ, ಜೂನಿಯರ್ ಕಾಲೇಜು ಮುಂಭಾಗ, ಬಿ.ಎಂ. ರಸ್ತೆ, ಸಕಲೇಶಪುರ, ದೂ: 9731370798/7760829465, ತಾಲ್ಲೂಕು ಅಲ್ಪಸಂಖ್ಯಾತರ ಮಾಹಿತಿ ಕೇಂದ್ರ, ತಾಲ್ಲೂಕು ಪಂಚಾಯಿತಿ ಸಂಕೀರ್ಣ, ಕೆ.ಇ.ಬಿ ರಸ್ತೆ, ಅರಕಲಗೂಡು. ದೂ: 9740154327/9148929297, ತಾಲ್ಲೂಕು ಅಲ್ಪಸಂಖ್ಯಾತರ ಮಾಹಿತಿ ಕೇಂದ್ರ, ಓಲ್ಡ್ ಮಿಡ್ಲ್ ಸ್ಕೂಲ್, ಬಿ.ಹೆಚ್. ರಸ್ತೆ, ಅರಸೀಕೆರೆ ಟೌನ್. ದೂ: 7349535320 ಸಂಪರ್ಕಿಸಲು ಅಲ್ಪಸಂಖ್ಯಾತರ ಕಲ್ಯಾಣ ಇಲಾಖೆಯ ಜಿಲ್ಲಾ ಅಧಿಕಾರಿ ತಿಳಿಸಿದ್ದಾರೆ.
ಜೂ.21 ರಂದು ಯೋಗ ದಿನಾಚರಣೆ
ಹಾಸನ : ಜಿಲ್ಲಾಡಳಿತ, ಜಿಲ್ಲಾ ಪಂಚಾಯಿತಿ, ಆಯುಷ್ ಇಲಾಖೆ, ಯುವ ಸಬಲೀಕರಣ ಮತ್ತು ಕ್ರೀಡಾ ಇಲಾಖೆ, ಆರೋಗ್ಯ ಇಲಾಖೆ, ಭಾರತ ಸ್ಕೌಟ್ಸ್ ಗೈಡ್ಸ್, ಎನ್.ಎಸ್.ಎಸ್, ಎನ್.ಸಿ.ಸಿ, ಭಾರತ ಸೇವಾದಳ ಹಾಗೂ ವಿವಿಧ ಸರ್ಕಾರ ಇಲಾಖೆಗಳು ಮತ್ತು ವಿವಿಧ ಯೋಗ ಸಂಸ್ಥೆಗಳು ಸಹಯೋಗದಲ್ಲಿ ಜೂ.21 ರಂದು ಬೆ.06 ಗಂಟೆಗೆ ಹಾಸನ ಜಿಲ್ಲಾ ಕ್ರೀಡಾಂಗಣದ ಹಾಕಿ ಮೈದಾನದಲ್ಲಿ 11ನೇ ಅಂತರಾಷ್ಟ್ರೀಯ ಯೋಗ ದಿನಾಚರಣೆ
ಕಾರ್ಯಕ್ರಮವನ್ನು ಆಯೋಜಿಸಲಾಗಿದೆ. ಮಾಜಿ ಪ್ರಧಾನ ಮಂತ್ರಿಗಳು ಹಾಗೂ ರಾಜ್ಯಸಭಾ ಸದಸ್ಯರಾದ ಹೆಚ್.ಡಿ.ದೇವೇಗೌಡ ಅವರು ಗೌರವಾನ್ವಿತ ಉಪಸ್ಥಿತಿಯಲ್ಲಿದ್ದಾರೆ. ಜಿಲ್ಲಾ ಉಸ್ತುವಾರಿ ಸಚಿವರು ಹಾಗೂ ಜಿಲ್ಲಾ ಉಸ್ತುವಾರಿ ಸಚಿವರಾದ ಕೆ.ಎನ್.ರಾಜಣ್ಣ, ಆರೋಗ್ಯ ಮತ್ತು ಕುಟುಂಬ ಕಲ್ಯಾಣ ಇಲಾಖೆ ಸಚಿವರಾದ ದಿನೇಶ್ ಗುಂಡೂರಾವ್, ಕರ್ನಾಟಕ ರಾಜ್ಯ ಗೃಹ ಮಂಡಳಿಯ ಅಧ್ಯಕ್ಷರು ಹಾಗೂ ಶಾಸಕರಾದ ಕೆ.ಎಂ.ಶಿವಲಿಂಗೇಗೌಡ ಅವರು ಕಾರ್ಯಕ್ರಮ ಉದ್ಘಾಟನೆ ಮಾಡಲಿದ್ದಾರೆ.
